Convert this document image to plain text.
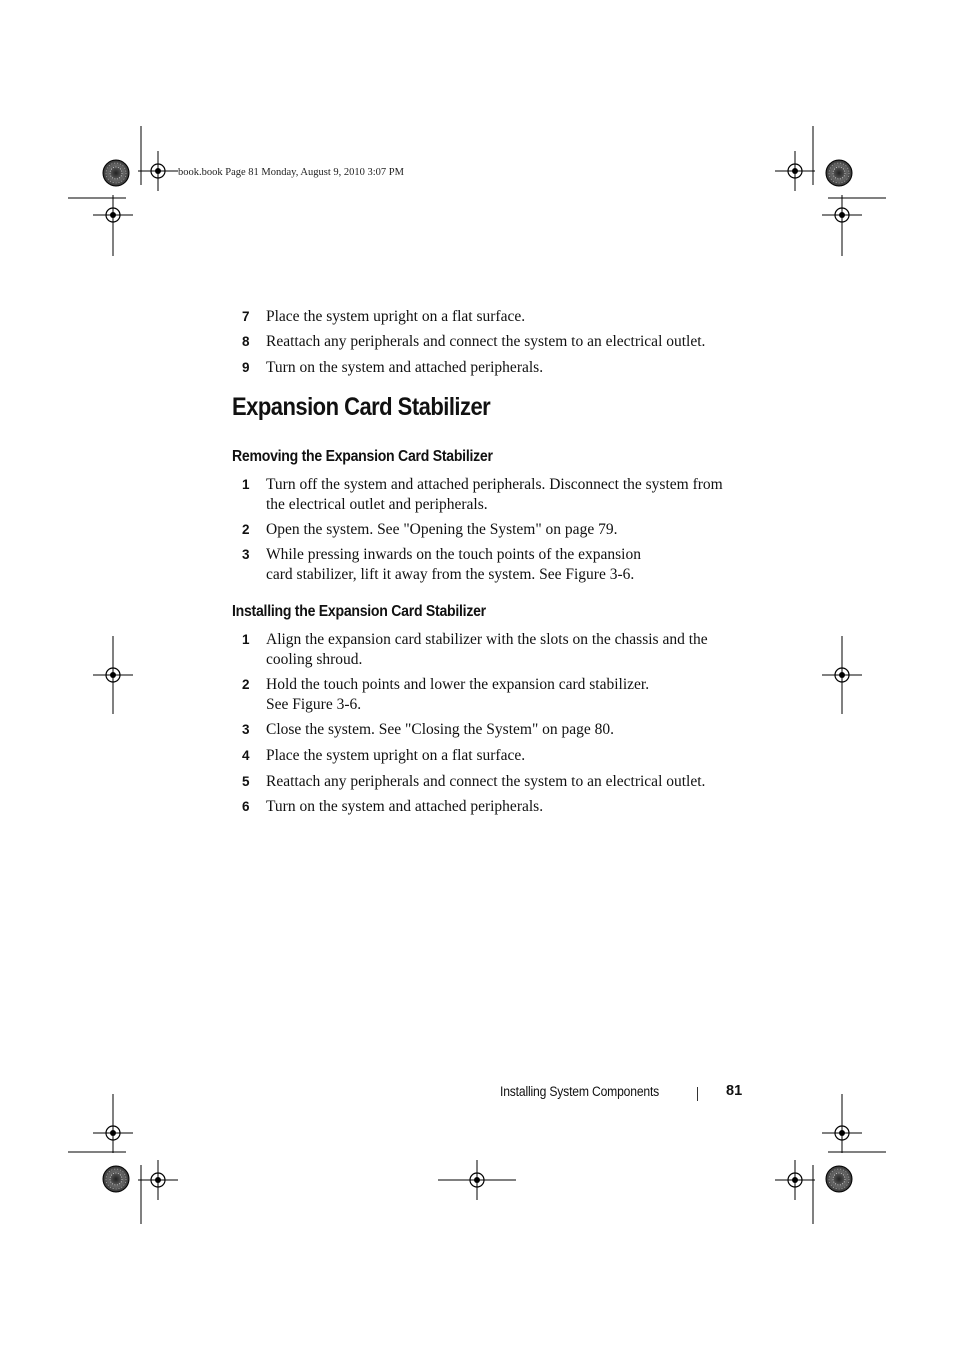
book.book Page 81 Monday, August 9, 2010 3:07 PM
7 Place the system upright on a flat surface.
8 Reattach any peripherals and connect the system to an electrical outlet.
9 Turn on the system and attached peripherals.
Expansion Card Stabilizer
Removing the Expansion Card Stabilizer
1 Turn off the system and attached peripherals. Disconnect the system from
the electrical outlet and peripherals.
2 Open the system. See "Opening the System" on page 79.
3 While pressing inwards on the touch points of the expansion
card stabilizer, lift it away from the system. See Figure 3-6.
Installing the Expansion Card Stabilizer
1 Align the expansion card stabilizer with the slots on the chassis and the
cooling shroud.
2 Hold the touch points and lower the expansion card stabilizer.
See Figure 3-6.
3 Close the system. See "Closing the System" on page 80.
4 Place the system upright on a flat surface.
5 Reattach any peripherals and connect the system to an electrical outlet.
6 Turn on the system and attached peripherals.
Installing System Components	81
